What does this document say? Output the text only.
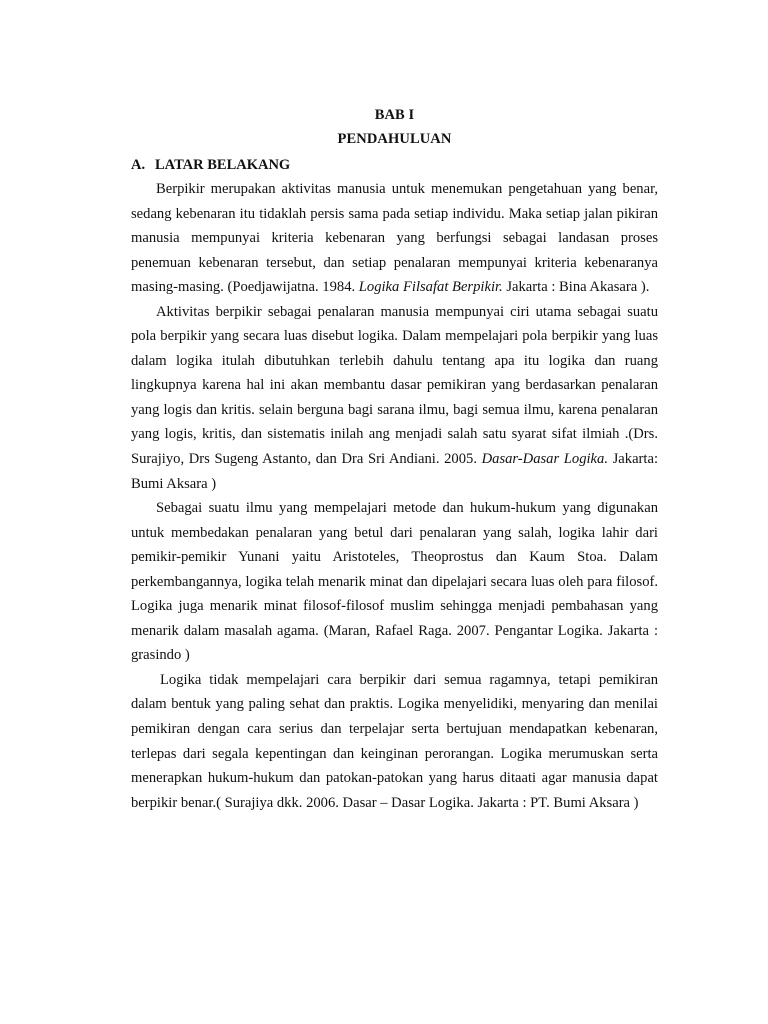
BAB I
PENDAHULUAN
A. LATAR BELAKANG

Berpikir merupakan aktivitas manusia untuk menemukan pengetahuan yang benar, sedang kebenaran itu tidaklah persis sama pada setiap individu. Maka setiap jalan pikiran manusia mempunyai kriteria kebenaran yang berfungsi sebagai landasan proses penemuan kebenaran tersebut, dan setiap penalaran mempunyai kriteria kebenaranya masing-masing. (Poedjawijatna. 1984. Logika Filsafat Berpikir. Jakarta : Bina Akasara ).

Aktivitas berpikir sebagai penalaran manusia mempunyai ciri utama sebagai suatu pola berpikir yang secara luas disebut logika. Dalam mempelajari pola berpikir yang luas dalam logika itulah dibutuhkan terlebih dahulu tentang apa itu logika dan ruang lingkupnya karena hal ini akan membantu dasar pemikiran yang berdasarkan penalaran yang logis dan kritis. selain berguna bagi sarana ilmu, bagi semua ilmu, karena penalaran yang logis, kritis, dan sistematis inilah ang menjadi salah satu syarat sifat ilmiah .(Drs. Surajiyo, Drs Sugeng Astanto, dan Dra Sri Andiani. 2005. Dasar-Dasar Logika. Jakarta: Bumi Aksara )

Sebagai suatu ilmu yang mempelajari metode dan hukum-hukum yang digunakan untuk membedakan penalaran yang betul dari penalaran yang salah, logika lahir dari pemikir-pemikir Yunani yaitu Aristoteles, Theoprostus dan Kaum Stoa. Dalam perkembangannya, logika telah menarik minat dan dipelajari secara luas oleh para filosof. Logika juga menarik minat filosof-filosof muslim sehingga menjadi pembahasan yang menarik dalam masalah agama. (Maran, Rafael Raga. 2007. Pengantar Logika. Jakarta : grasindo )

Logika tidak mempelajari cara berpikir dari semua ragamnya, tetapi pemikiran dalam bentuk yang paling sehat dan praktis. Logika menyelidiki, menyaring dan menilai pemikiran dengan cara serius dan terpelajar serta bertujuan mendapatkan kebenaran, terlepas dari segala kepentingan dan keinginan perorangan. Logika merumuskan serta menerapkan hukum-hukum dan patokan-patokan yang harus ditaati agar manusia dapat berpikir benar.( Surajiya dkk. 2006. Dasar – Dasar Logika. Jakarta : PT. Bumi Aksara )
